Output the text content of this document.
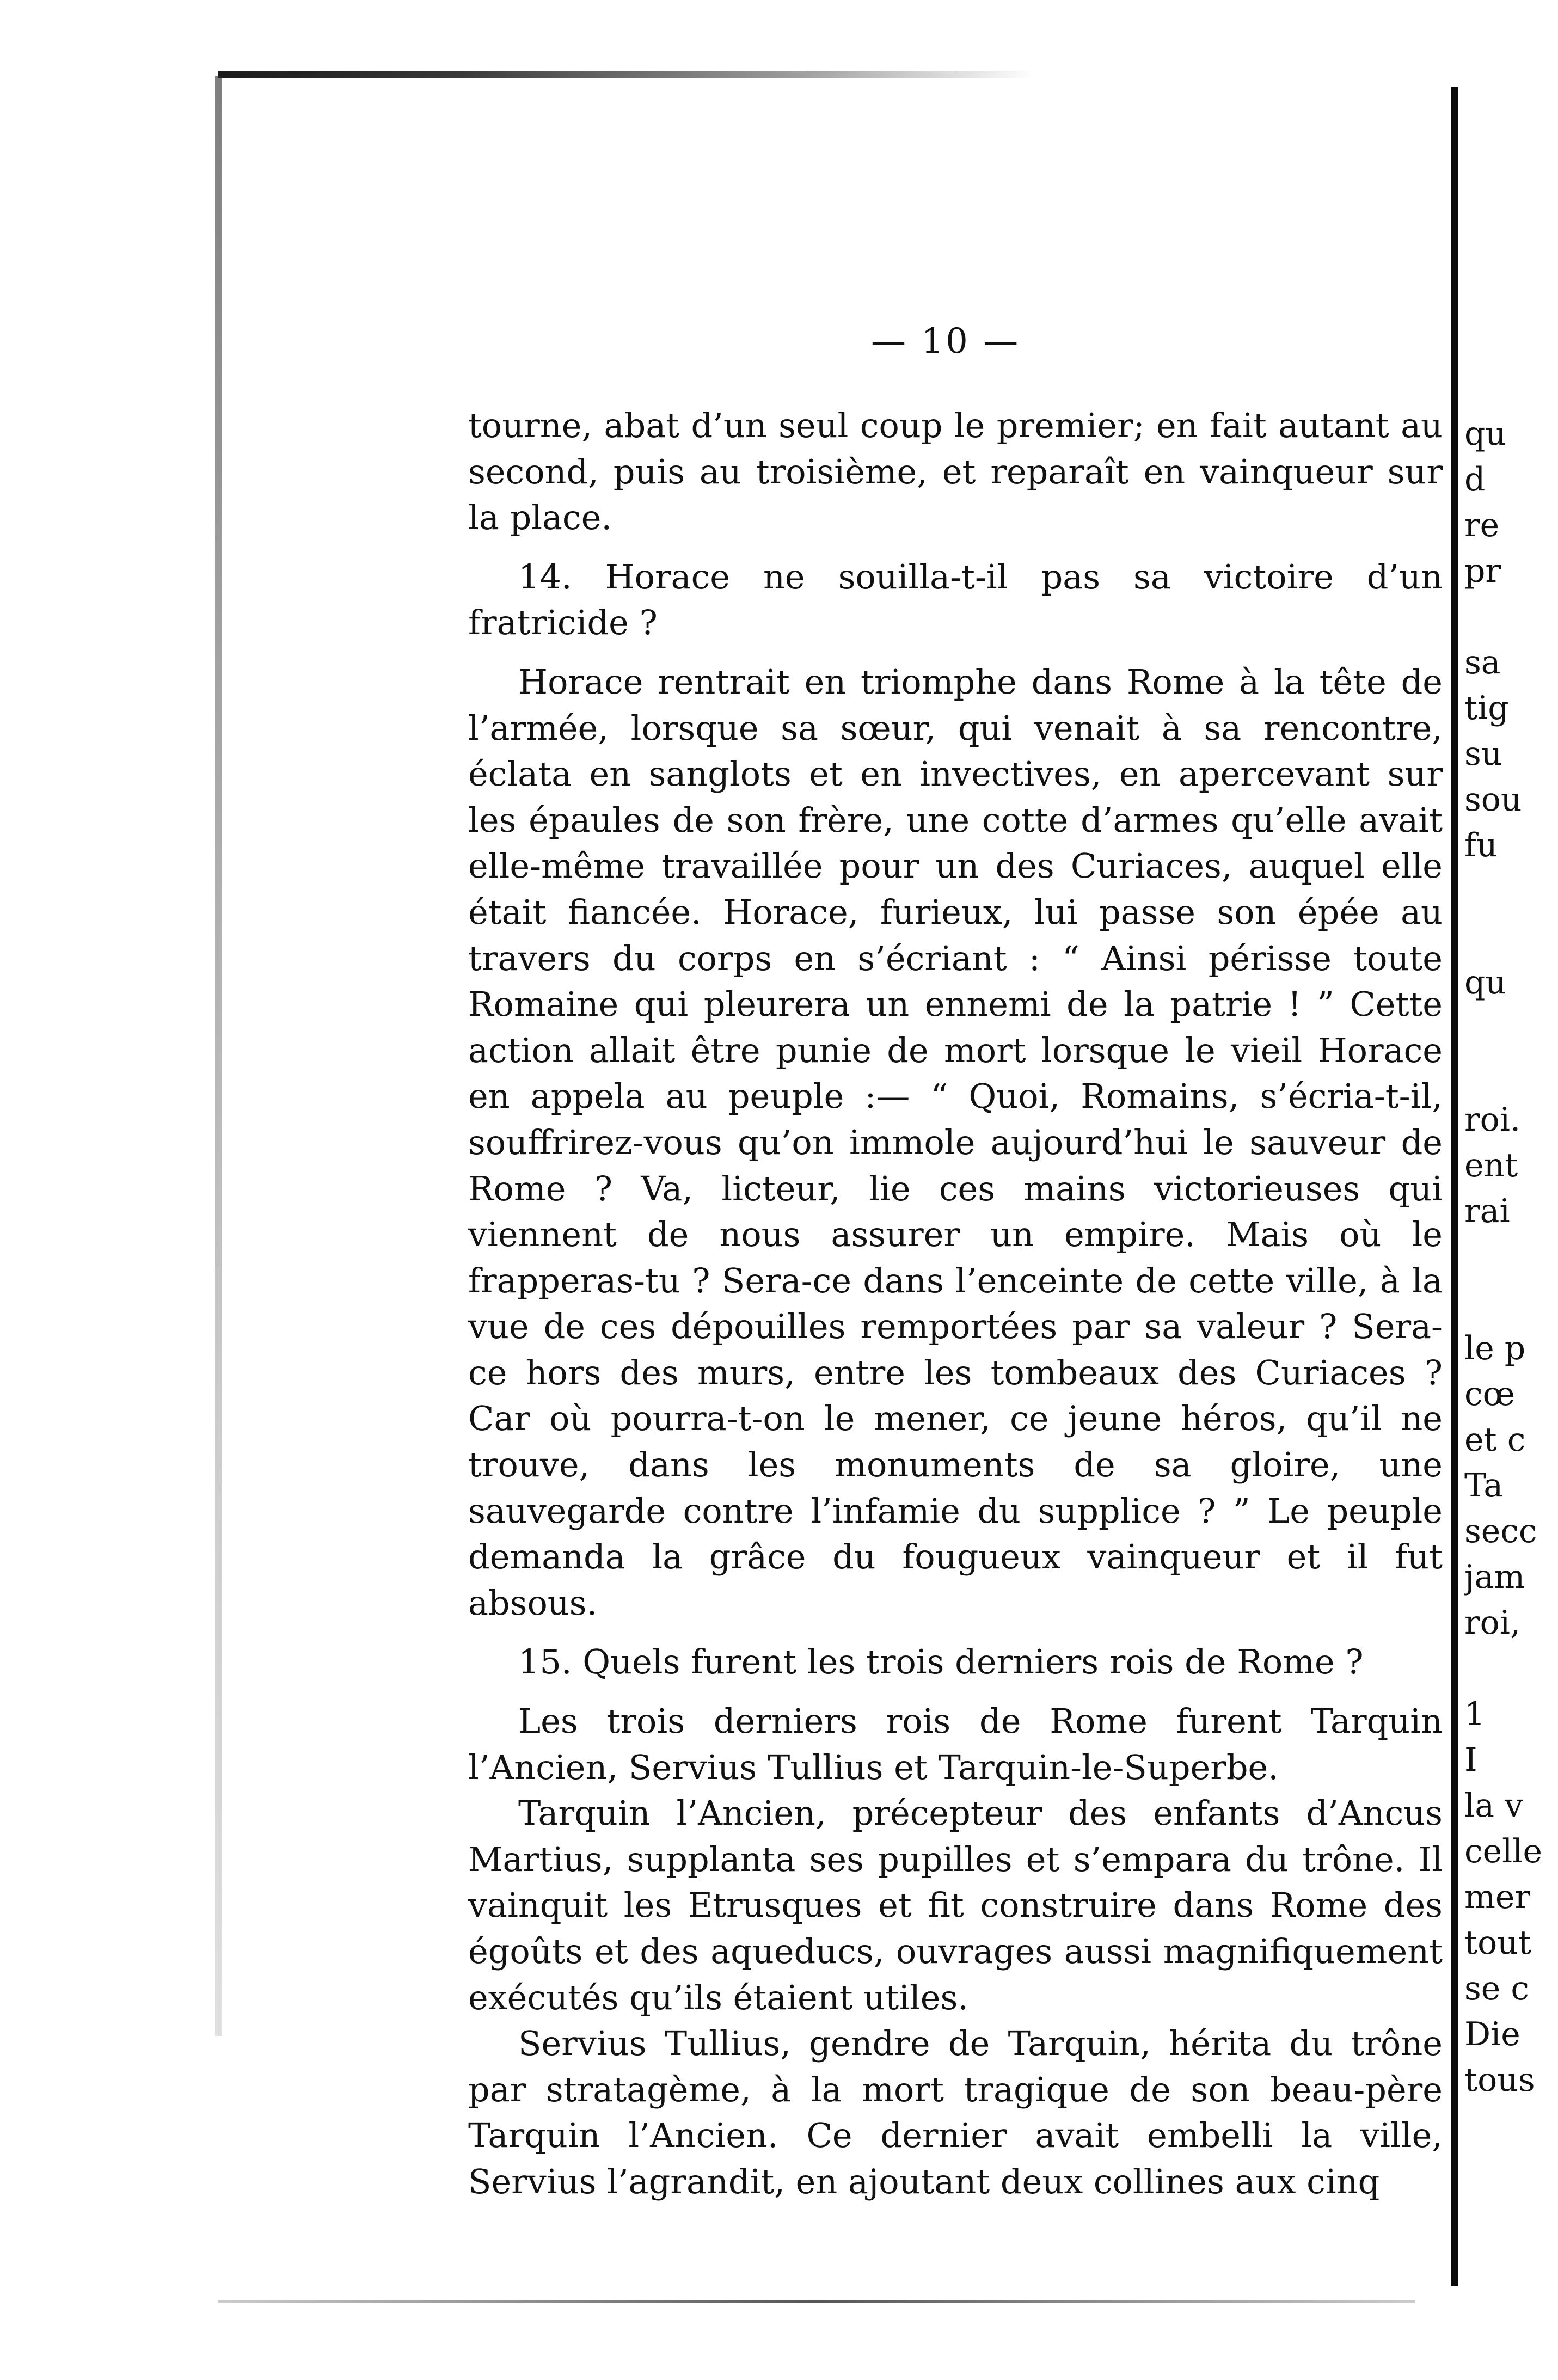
— 10 —

tourne, abat d’un seul coup le premier; en fait autant au second, puis au troisième, et reparaît en vainqueur sur la place.

14. Horace ne souilla-t-il pas sa victoire d’un fratricide ?

Horace rentrait en triomphe dans Rome à la tête de l’armée, lorsque sa sœur, qui venait à sa rencontre, éclata en sanglots et en invectives, en apercevant sur les épaules de son frère, une cotte d’armes qu’elle avait elle-même travaillée pour un des Curiaces, auquel elle était fiancée. Horace, furieux, lui passe son épée au travers du corps en s’écriant : “ Ainsi périsse toute Romaine qui pleurera un ennemi de la patrie ! ” Cette action allait être punie de mort lorsque le vieil Horace en appela au peuple :— “ Quoi, Romains, s’écria-t-il, souffrirez-vous qu’on immole aujourd’hui le sauveur de Rome ? Va, licteur, lie ces mains victorieuses qui viennent de nous assurer un empire. Mais où le frapperas-tu ? Sera-ce dans l’enceinte de cette ville, à la vue de ces dépouilles remportées par sa valeur ? Sera-ce hors des murs, entre les tombeaux des Curiaces ? Car où pourra-t-on le mener, ce jeune héros, qu’il ne trouve, dans les monuments de sa gloire, une sauvegarde contre l’infamie du supplice ? ” Le peuple demanda la grâce du fougueux vainqueur et il fut absous.

15. Quels furent les trois derniers rois de Rome ?

Les trois derniers rois de Rome furent Tarquin l’Ancien, Servius Tullius et Tarquin-le-Superbe.

Tarquin l’Ancien, précepteur des enfants d’Ancus Martius, supplanta ses pupilles et s’empara du trône. Il vainquit les Etrusques et fit construire dans Rome des égoûts et des aqueducs, ouvrages aussi magnifiquement exécutés qu’ils étaient utiles.

Servius Tullius, gendre de Tarquin, hérita du trône par stratagème, à la mort tragique de son beau-père Tarquin l’Ancien. Ce dernier avait embelli la ville, Servius l’agrandit, en ajoutant deux collines aux cinq

qu
d
re
pr
sa
tig
su
sou
fu
qu
roi.
ent
rai
le p
cœ
et c
Ta
secc
jam
roi,
1
I
la v
celle
mer
tout
se c
Die
tous
